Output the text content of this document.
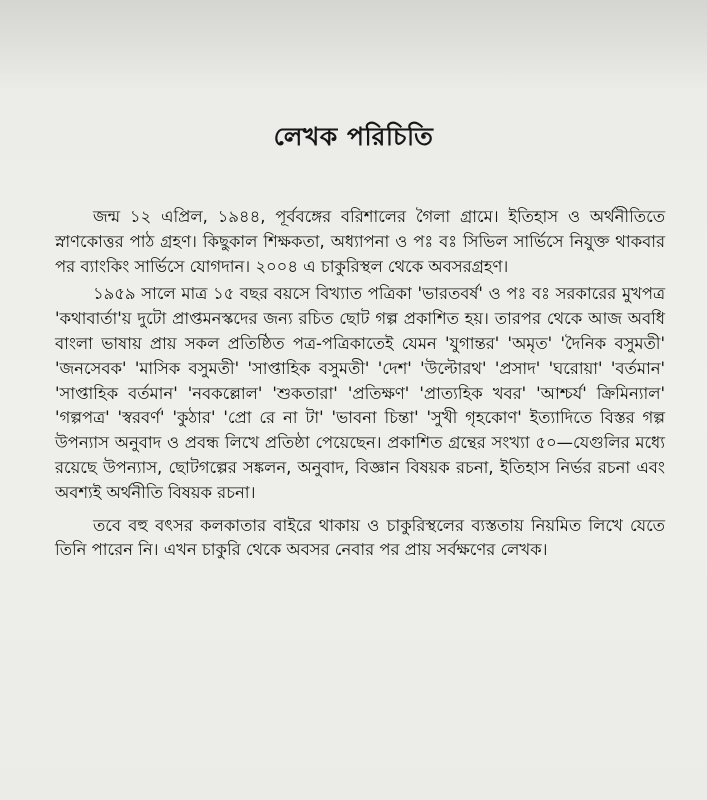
লেখক পরিচিতি

জন্ম ১২ এপ্রিল, ১৯৪৪, পূর্ববঙ্গের বরিশালের গৈলা গ্রামে। ইতিহাস ও অর্থনীতিতে স্নাণকোত্তর পাঠ গ্রহণ। কিছুকাল শিক্ষকতা, অধ্যাপনা ও পঃ বঃ সিভিল সার্ভিসে নিযুক্ত থাকবার পর ব্যাংকিং সার্ভিসে যোগদান। ২০০৪ এ চাকুরিস্থল থেকে অবসরগ্রহণ।

১৯৫৯ সালে মাত্র ১৫ বছর বয়সে বিখ্যাত পত্রিকা 'ভারতবর্ষ' ও পঃ বঃ সরকারের মুখপত্র 'কথাবার্তা'য় দুটো প্রাপ্তমনস্কদের জন্য রচিত ছোট গল্প প্রকাশিত হয়। তারপর থেকে আজ অবধি বাংলা ভাষায় প্রায় সকল প্রতিষ্ঠিত পত্র-পত্রিকাতেই যেমন 'যুগান্তর' 'অমৃত' 'দৈনিক বসুমতী' 'জনসেবক' 'মাসিক বসুমতী' 'সাপ্তাহিক বসুমতী' 'দেশ' 'উল্টোরথ' 'প্রসাদ' 'ঘরোয়া' 'বর্তমান' 'সাপ্তাহিক বর্তমান' 'নবকল্লোল' 'শুকতারা' 'প্রতিক্ষণ' 'প্রাত্যহিক খবর' 'আশ্চর্য' ক্রিমিন্যাল' 'গল্পপত্র' 'স্বরবর্ণ' 'কুঠার' 'প্রো রে না টা' 'ভাবনা চিন্তা' 'সুখী গৃহকোণ' ইত্যাদিতে বিস্তর গল্প উপন্যাস অনুবাদ ও প্রবন্ধ লিখে প্রতিষ্ঠা পেয়েছেন। প্রকাশিত গ্রন্থের সংখ্যা ৫০—যেগুলির মধ্যে রয়েছে উপন্যাস, ছোটগল্পের সঙ্কলন, অনুবাদ, বিজ্ঞান বিষয়ক রচনা, ইতিহাস নির্ভর রচনা এবং অবশ্যই অর্থনীতি বিষয়ক রচনা।

তবে বহু বৎসর কলকাতার বাইরে থাকায় ও চাকুরিস্থলের ব্যস্ততায় নিয়মিত লিখে যেতে তিনি পারেন নি। এখন চাকুরি থেকে অবসর নেবার পর প্রায় সর্বক্ষণের লেখক।
